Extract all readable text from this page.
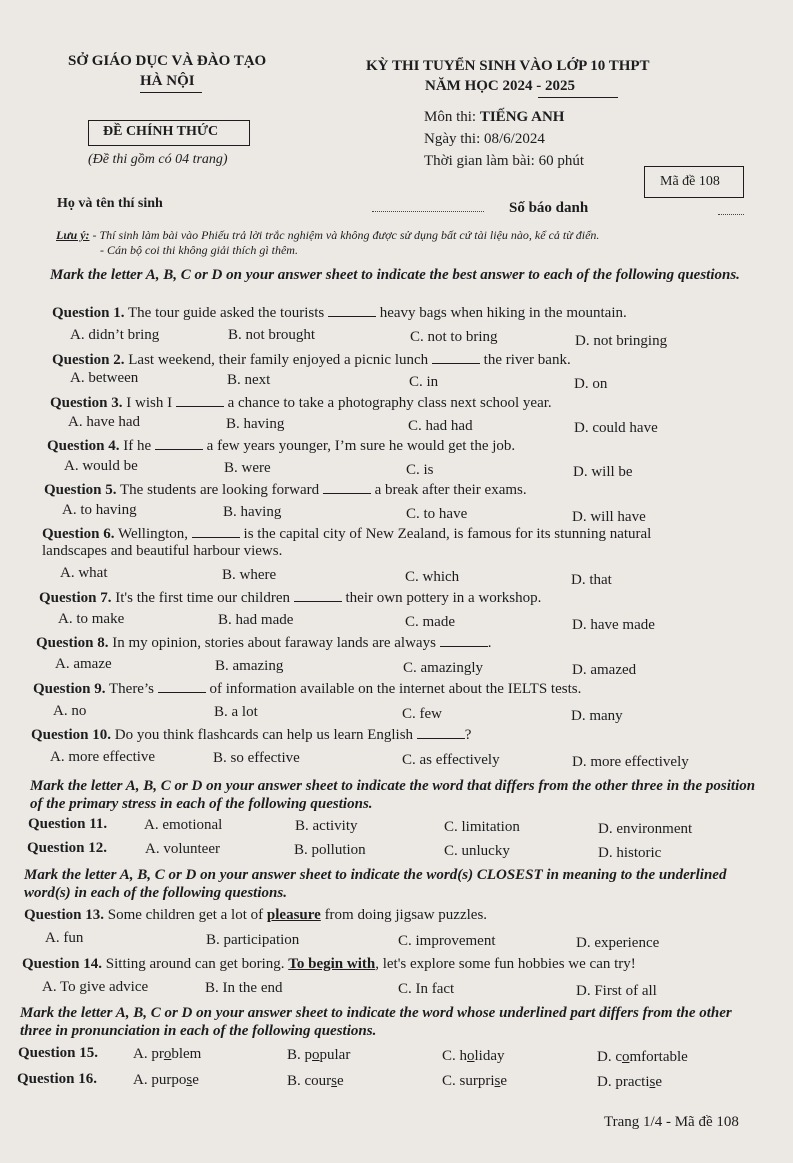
SỞ GIÁO DỤC VÀ ĐÀO TẠO
HÀ NỘI
KỲ THI TUYỂN SINH VÀO LỚP 10 THPT
NĂM HỌC 2024 - 2025
ĐỀ CHÍNH THỨC
(Đề thi gồm có 04 trang)
Môn thi: TIẾNG ANH
Ngày thi: 08/6/2024
Thời gian làm bài: 60 phút
Mã đề 108
Họ và tên thí sinh	Số báo danh
Lưu ý: - Thí sinh làm bài vào Phiếu trả lời trắc nghiệm và không được sử dụng bất cứ tài liệu nào, kể cả từ điển.
- Cán bộ coi thi không giải thích gì thêm.
Mark the letter A, B, C or D on your answer sheet to indicate the best answer to each of the following questions.
Question 1. The tour guide asked the tourists	heavy bags when hiking in the mountain.
A. didn’t bring	B. not brought	C. not to bring	D. not bringing
Question 2. Last weekend, their family enjoyed a picnic lunch	the river bank.
A. between	B. next	C. in	D. on
Question 3. I wish I	a chance to take a photography class next school year.
A. have had	B. having	C. had had	D. could have
Question 4. If he	a few years younger, I’m sure he would get the job.
A. would be	B. were	C. is	D. will be
Question 5. The students are looking forward	a break after their exams.
A. to having	B. having	C. to have	D. will have
Question 6. Wellington,	is the capital city of New Zealand, is famous for its stunning natural
landscapes and beautiful harbour views.
A. what	B. where	C. which	D. that
Question 7. It's the first time our children	their own pottery in a workshop.
A. to make	B. had made	C. made	D. have made
Question 8. In my opinion, stories about faraway lands are always	.
A. amaze	B. amazing	C. amazingly	D. amazed
Question 9. There’s	of information available on the internet about the IELTS tests.
A. no	B. a lot	C. few	D. many
Question 10. Do you think flashcards can help us learn English	?
A. more effective	B. so effective	C. as effectively	D. more effectively
Mark the letter A, B, C or D on your answer sheet to indicate the word that differs from the other three in the position of the primary stress in each of the following questions.
Question 11. A. emotional	B. activity	C. limitation	D. environment
Question 12.	A. volunteer	B. pollution	C. unlucky	D. historic
Mark the letter A, B, C or D on your answer sheet to indicate the word(s) CLOSEST in meaning to the underlined word(s) in each of the following questions.
Question 13. Some children get a lot of pleasure from doing jigsaw puzzles.
A. fun	B. participation	C. improvement	D. experience
Question 14. Sitting around can get boring. To begin with, let's explore some fun hobbies we can try!
A. To give advice	B. In the end	C. In fact	D. First of all
Mark the letter A, B, C or D on your answer sheet to indicate the word whose underlined part differs from the other three in pronunciation in each of the following questions.
Question 15. A. problem	B. popular	C. holiday	D. comfortable
Question 16. A. purpose	B. course	C. surprise	D. practise
Trang 1/4 - Mã đề 108
